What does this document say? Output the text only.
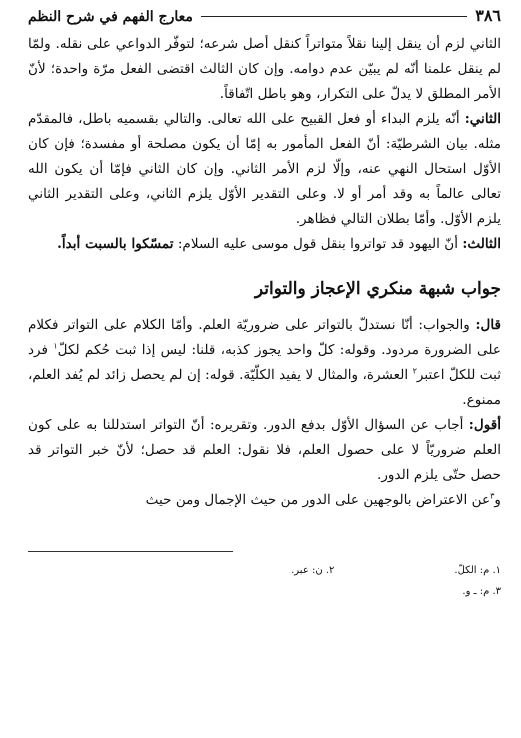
٣٨٦
معارج الفهم في شرح النظم

الثاني لزم أن ينقل إلينا نقلاً متواتراً كنقل أصل شرعه؛ لتوفّر الدواعي على نقله. ولمّا لم ينقل علمنا أنّه لم يبيّن عدم دوامه. وإن كان الثالث اقتضى الفعل مرّة واحدة؛ لأنّ الأمر المطلق لا يدلّ على التكرار، وهو باطل اتّفاقاً.

الثاني: أنّه يلزم البداء أو فعل القبيح على الله تعالى. والتالي بقسميه باطل، فالمقدّم مثله. بيان الشرطيّة: أنّ الفعل المأمور به إمّا أن يكون مصلحة أو مفسدة؛ فإن كان الأوّل استحال النهي عنه، وإلّا لزم الأمر الثاني. وإن كان الثاني فإمّا أن يكون الله تعالى عالماً به وقد أمر أو لا. وعلى التقدير الأوّل يلزم الثاني، وعلى التقدير الثاني يلزم الأوّل. وأمّا بطلان التالي فظاهر.

الثالث: أنّ اليهود قد تواتروا بنقل قول موسى عليه السلام: تمسّكوا بالسبت أبداً.

جواب شبهة منكري الإعجاز والتواتر

قال: والجواب: أنّا نستدلّ بالتواتر على ضروريّة العلم. وأمّا الكلام على التواتر فكلام على الضرورة مردود. وقوله: كلّ واحد يجوز كذبه، قلنا: ليس إذا ثبت حُكم لكلّ$^١$ فرد ثبت للكلّ اعتبر$^٢$ العشرة، والمثال لا يفيد الكلّيّة. قوله: إن لم يحصل زائد لم يُفد العلم، ممنوع.

أقول: أجاب عن السؤال الأوّل بدفع الدور. وتقريره: أنّ التواتر استدللنا به على كون العلم ضروريّاً لا على حصول العلم، فلا نقول: العلم قد حصل؛ لأنّ خبر التواتر قد حصل حتّى يلزم الدور.

و$^٣$عن الاعتراض بالوجهين على الدور من حيث الإجمال ومن حيث

١. م: الكلّ.
٢. ن: عبر.
٣. م: ـ و.
